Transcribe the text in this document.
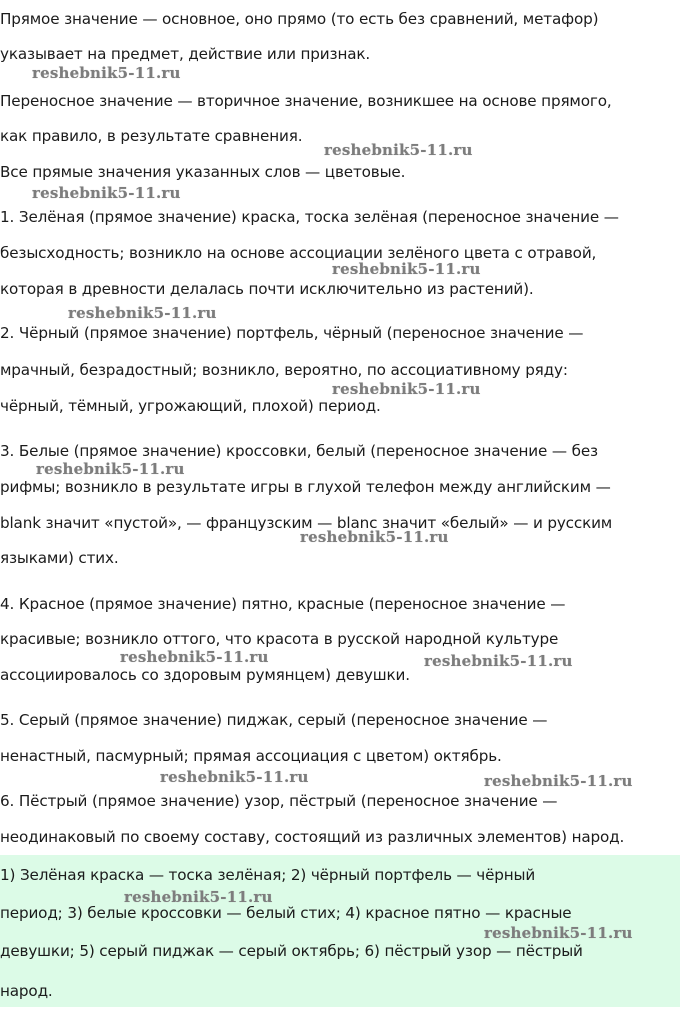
Прямое значение — основное, оно прямо (то есть без сравнений, метафор)
указывает на предмет, действие или признак.
Переносное значение — вторичное значение, возникшее на основе прямого,
как правило, в результате сравнения.
Все прямые значения указанных слов — цветовые.
1. Зелёная (прямое значение) краска, тоска зелёная (переносное значение —
безысходность; возникло на основе ассоциации зелёного цвета с отравой,
которая в древности делалась почти исключительно из растений).
2. Чёрный (прямое значение) портфель, чёрный (переносное значение —
мрачный, безрадостный; возникло, вероятно, по ассоциативному ряду:
чёрный, тёмный, угрожающий, плохой) период.
3. Белые (прямое значение) кроссовки, белый (переносное значение — без
рифмы; возникло в результате игры в глухой телефон между английским —
blank значит «пустой», — французским — blanc значит «белый» — и русским
языками) стих.
4. Красное (прямое значение) пятно, красные (переносное значение —
красивые; возникло оттого, что красота в русской народной культуре
ассоциировалось со здоровым румянцем) девушки.
5. Серый (прямое значение) пиджак, серый (переносное значение —
ненастный, пасмурный; прямая ассоциация с цветом) октябрь.
6. Пёстрый (прямое значение) узор, пёстрый (переносное значение —
неодинаковый по своему составу, состоящий из различных элементов) народ.
1) Зелёная краска — тоска зелёная; 2) чёрный портфель — чёрный
период; 3) белые кроссовки — белый стих; 4) красное пятно — красные
девушки; 5) серый пиджак — серый октябрь; 6) пёстрый узор — пёстрый
народ.
reshebnik5-11.ru
reshebnik5-11.ru
reshebnik5-11.ru
reshebnik5-11.ru
reshebnik5-11.ru
reshebnik5-11.ru
reshebnik5-11.ru
reshebnik5-11.ru
reshebnik5-11.ru	reshebnik5-11.ru
reshebnik5-11.ru	reshebnik5-11.ru
reshebnik5-11.ru
reshebnik5-11.ru
